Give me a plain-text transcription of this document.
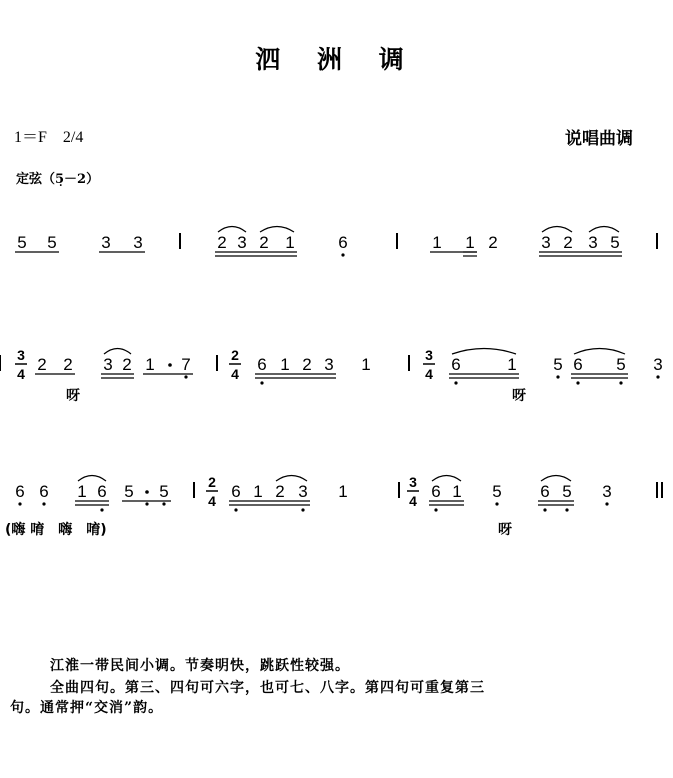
泗 洲 调
1＝F　2/4	说唱曲调
定弦（5̣－2）
5 5	3 3	2 3 2 1	6	1 1 2	3 2 3 5
3
4 2 2 3 2 1 7	2
4 6 1 2 3 1	3
4 6	1 5 6 5 3
呀	呀
6 6 1 6 5 5	2
4 6 1 2 3 1	3
4 6 1 5 6 5 3
(嗨 唷　嗨　唷)	呀
江淮一带民间小调。节奏明快，跳跃性较强。
全曲四句。第三、四句可六字，也可七、八字。第四句可重复第三
句。通常押“交消”韵。
